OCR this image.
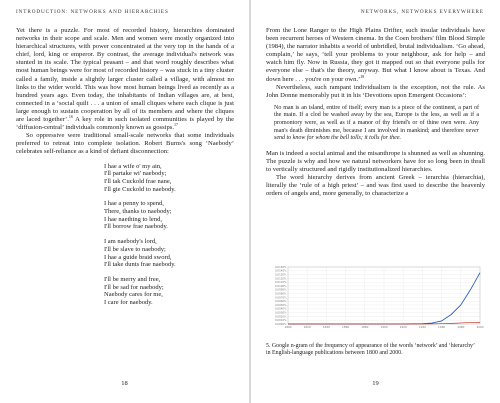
INTRODUCTION: NETWORKS AND HIERARCHIES

Yet there is a puzzle. For most of recorded history, hierarchies dominated networks in their scope and scale. Men and women were mostly organized into hierarchical structures, with power concentrated at the very top in the hands of a chief, lord, king or emperor. By contrast, the average individual's network was stunted in its scale. The typical peasant – and that word roughly describes what most human beings were for most of recorded history – was stuck in a tiny cluster called a family, inside a slightly larger cluster called a village, with almost no links to the wider world. This was how most human beings lived as recently as a hundred years ago. Even today, the inhabitants of Indian villages are, at best, connected in a ‘social quilt . . . a union of small cliques where each clique is just large enough to sustain cooperation by all of its members and where the cliques are laced together’.$^{16}$ A key role in such isolated communities is played by the ‘diffusion-central’ individuals commonly known as gossips.$^{17}$

So oppressive were traditional small-scale networks that some individuals preferred to retreat into complete isolation. Robert Burns's song ‘Naebody’ celebrates self-reliance as a kind of defiant disconnection:

I hae a wife o' my ain,
I'll partake wi' naebody;
I'll tak Cuckold frae nane,
I'll gie Cuckold to naebody.
I hae a penny to spend,
There, thanks to naebody;
I hae naething to lend,
I'll borrow frae naebody.
I am naebody's lord,
I'll be slave to naebody;
I hae a guide braid sword,
I'll take dunts frae naebody.
I'll be merry and free,
I'll be sad for naebody;
Naebody cares for me,
I care for naebody.
18
NETWORKS, NETWORKS EVERYWHERE

From the Lone Ranger to the High Plains Drifter, such insular individuals have been recurrent heroes of Western cinema. In the Coen brothers' film Blood Simple (1984), the narrator inhabits a world of unbridled, brutal individualism. ‘Go ahead, complain,’ he says, ‘tell your problems to your neighbour, ask for help – and watch him fly. Now in Russia, they got it mapped out so that everyone pulls for everyone else – that's the theory, anyway. But what I know about is Texas. And down here . . . you're on your own.’$^{18}$

Nevertheless, such rampant individualism is the exception, not the rule. As John Donne memorably put it in his ‘Devotions upon Emergent Occasions’:

No man is an island, entire of itself; every man is a piece of the continent, a part of the main. If a clod be washed away by the sea, Europe is the less, as well as if a promontory were, as well as if a manor of thy friend's or of thine own were. Any man's death diminishes me, because I am involved in mankind; and therefore never send to know for whom the bell tolls; it tolls for thee.

Man is indeed a social animal and the misanthrope is shunned as well as shunning. The puzzle is why and how we natural networkers have for so long been in thrall to vertically structured and rigidly institutionalized hierarchies.

The word hierarchy derives from ancient Greek – ierarchia (hierarchia), literally the ‘rule of a high priest’ – and was first used to describe the heavenly orders of angels and, more generally, to characterize a

0.0150%
0.0140%
0.0130%
0.0120%
0.0110%
0.0100%
0.0090%
0.0080%
0.0070%
0.0060%
0.0050%
0.0040%
0.0030%
0.0020%
0.0010%
0.0000%
1800	1820	1840	1860	1880	1900	1920	1940	1960	1980	2000
5. Google n-gram of the frequency of appearance of the words ‘network’ and ‘hierarchy’ in English-language publications between 1800 and 2000.
19
